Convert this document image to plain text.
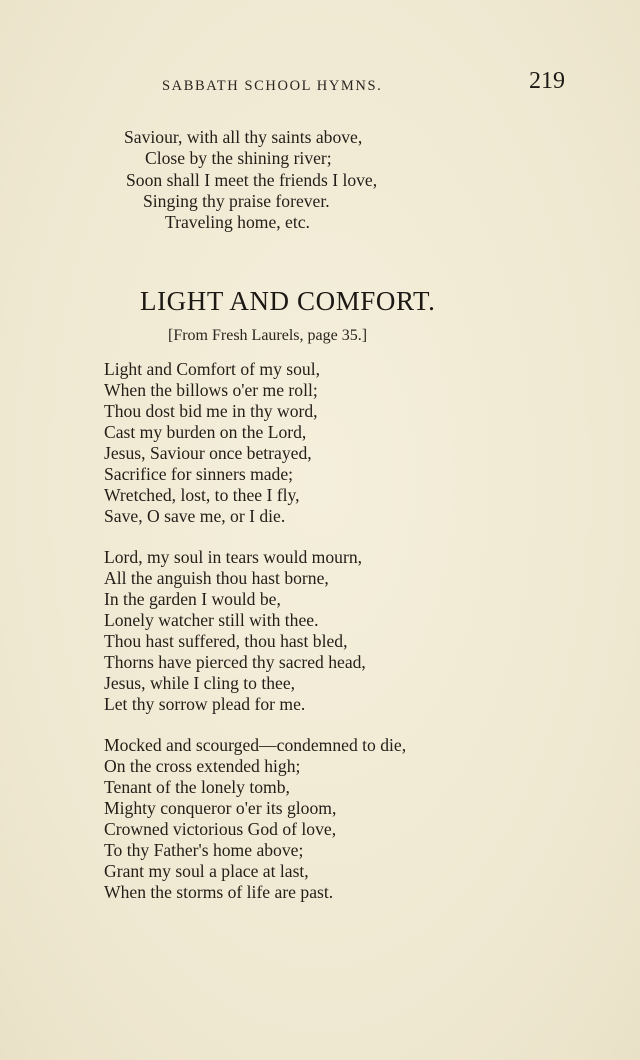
SABBATH SCHOOL HYMNS.	219
Saviour, with all thy saints above,
Close by the shining river;
Soon shall I meet the friends I love,
Singing thy praise forever.
Traveling home, etc.
LIGHT AND COMFORT.
[From Fresh Laurels, page 35.]
Light and Comfort of my soul,
When the billows o'er me roll;
Thou dost bid me in thy word,
Cast my burden on the Lord,
Jesus, Saviour once betrayed,
Sacrifice for sinners made;
Wretched, lost, to thee I fly,
Save, O save me, or I die.
Lord, my soul in tears would mourn,
All the anguish thou hast borne,
In the garden I would be,
Lonely watcher still with thee.
Thou hast suffered, thou hast bled,
Thorns have pierced thy sacred head,
Jesus, while I cling to thee,
Let thy sorrow plead for me.
Mocked and scourged—condemned to die,
On the cross extended high;
Tenant of the lonely tomb,
Mighty conqueror o'er its gloom,
Crowned victorious God of love,
To thy Father's home above;
Grant my soul a place at last,
When the storms of life are past.
